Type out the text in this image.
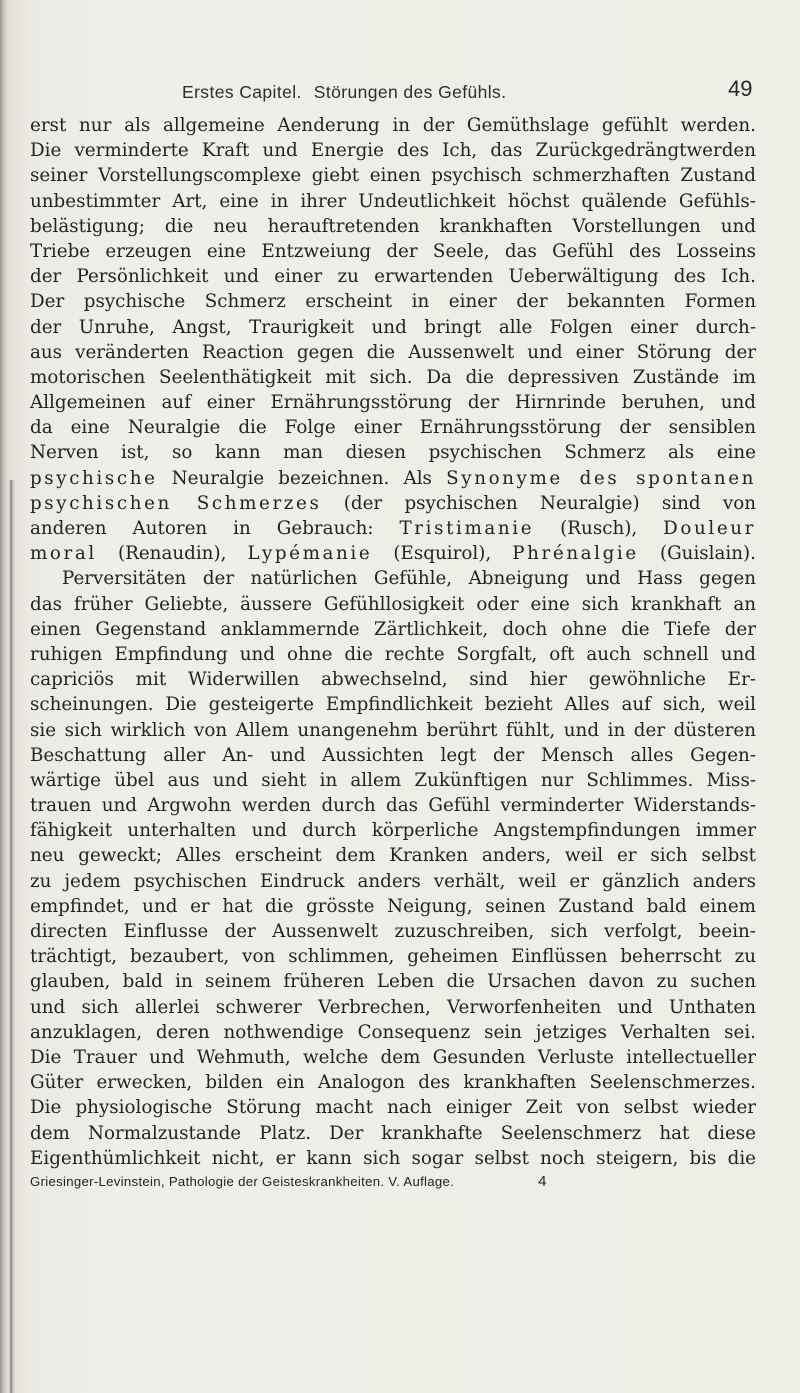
Erstes Capitel. Störungen des Gefühls.	49
erst nur als allgemeine Aenderung in der Gemüthslage gefühlt werden.
Die verminderte Kraft und Energie des Ich, das Zurückgedrängtwerden
seiner Vorstellungscomplexe giebt einen psychisch schmerzhaften Zustand
unbestimmter Art, eine in ihrer Undeutlichkeit höchst quälende Gefühls-
belästigung; die neu herauftretenden krankhaften Vorstellungen und
Triebe erzeugen eine Entzweiung der Seele, das Gefühl des Losseins
der Persönlichkeit und einer zu erwartenden Ueberwältigung des Ich.
Der psychische Schmerz erscheint in einer der bekannten Formen
der Unruhe, Angst, Traurigkeit und bringt alle Folgen einer durch-
aus veränderten Reaction gegen die Aussenwelt und einer Störung der
motorischen Seelenthätigkeit mit sich. Da die depressiven Zustände im
Allgemeinen auf einer Ernährungsstörung der Hirnrinde beruhen, und
da eine Neuralgie die Folge einer Ernährungsstörung der sensiblen
Nerven ist, so kann man diesen psychischen Schmerz als eine
psychische Neuralgie bezeichnen. Als Synonyme des spontanen
psychischen Schmerzes (der psychischen Neuralgie) sind von
anderen Autoren in Gebrauch: Tristimanie (Rusch), Douleur
moral (Renaudin), Lypémanie (Esquirol), Phrénalgie (Guislain).
Perversitäten der natürlichen Gefühle, Abneigung und Hass gegen
das früher Geliebte, äussere Gefühllosigkeit oder eine sich krankhaft an
einen Gegenstand anklammernde Zärtlichkeit, doch ohne die Tiefe der
ruhigen Empfindung und ohne die rechte Sorgfalt, oft auch schnell und
capriciös mit Widerwillen abwechselnd, sind hier gewöhnliche Er-
scheinungen. Die gesteigerte Empfindlichkeit bezieht Alles auf sich, weil
sie sich wirklich von Allem unangenehm berührt fühlt, und in der düsteren
Beschattung aller An- und Aussichten legt der Mensch alles Gegen-
wärtige übel aus und sieht in allem Zukünftigen nur Schlimmes. Miss-
trauen und Argwohn werden durch das Gefühl verminderter Widerstands-
fähigkeit unterhalten und durch körperliche Angstempfindungen immer
neu geweckt; Alles erscheint dem Kranken anders, weil er sich selbst
zu jedem psychischen Eindruck anders verhält, weil er gänzlich anders
empfindet, und er hat die grösste Neigung, seinen Zustand bald einem
directen Einflusse der Aussenwelt zuzuschreiben, sich verfolgt, beein-
trächtigt, bezaubert, von schlimmen, geheimen Einflüssen beherrscht zu
glauben, bald in seinem früheren Leben die Ursachen davon zu suchen
und sich allerlei schwerer Verbrechen, Verworfenheiten und Unthaten
anzuklagen, deren nothwendige Consequenz sein jetziges Verhalten sei.
Die Trauer und Wehmuth, welche dem Gesunden Verluste intellectueller
Güter erwecken, bilden ein Analogon des krankhaften Seelenschmerzes.
Die physiologische Störung macht nach einiger Zeit von selbst wieder
dem Normalzustande Platz. Der krankhafte Seelenschmerz hat diese
Eigenthümlichkeit nicht, er kann sich sogar selbst noch steigern, bis die
Griesinger-Levinstein, Pathologie der Geisteskrankheiten. V. Auflage.	4
